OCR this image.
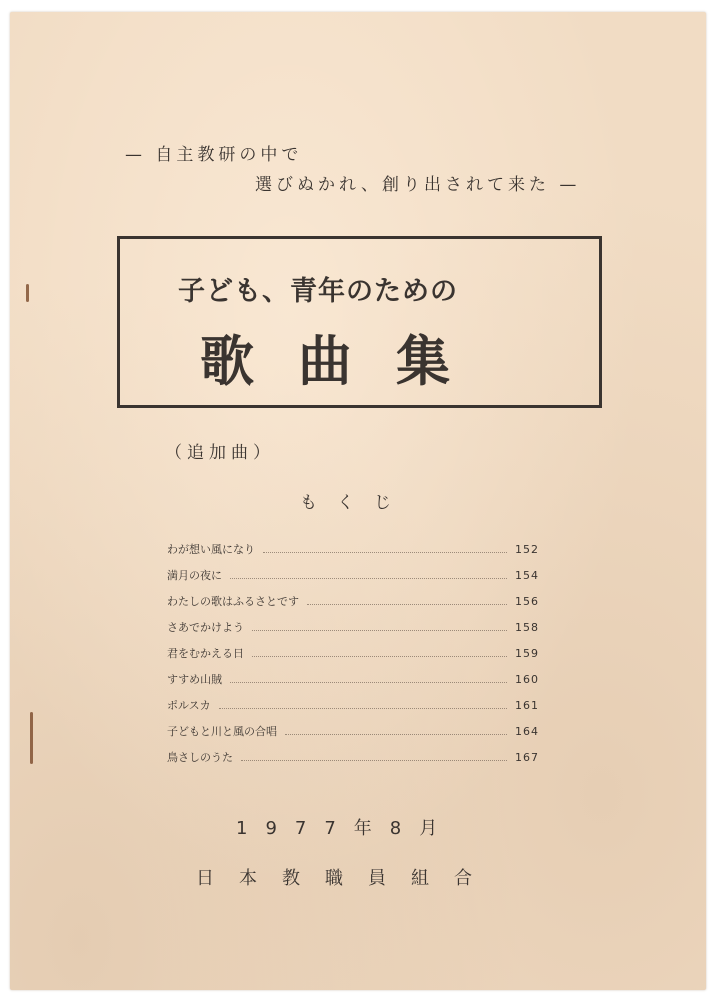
— 自主教研の中で
選びぬかれ、創り出されて来た —
子ども、青年のための
歌曲集
（追加曲）
もくじ
わが想い風になり	152
満月の夜に	154
わたしの歌はふるさとです	156
さあでかけよう	158
君をむかえる日	159
すすめ山賊	160
ポルスカ	161
子どもと川と風の合唱	164
鳥さしのうた	167
1977年8月
日本教職員組合
